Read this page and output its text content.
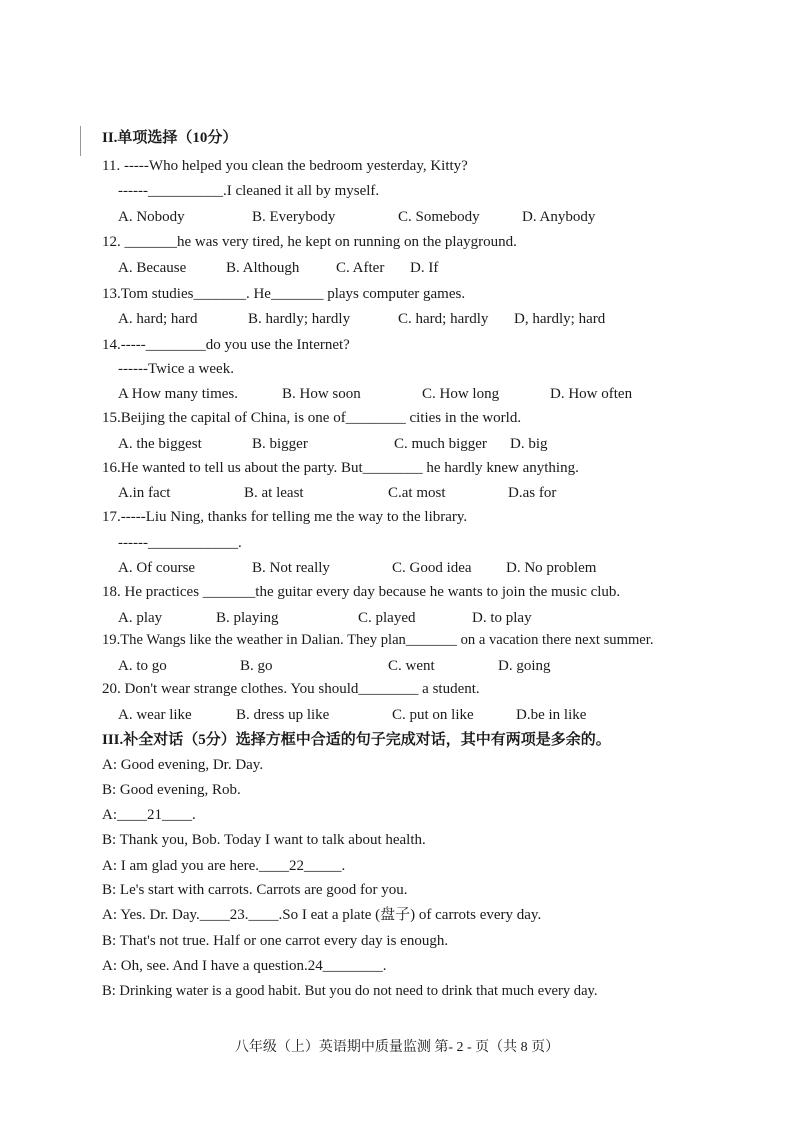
II.单项选择（10分）
11. -----Who helped you clean the bedroom yesterday, Kitty?
------__________.I cleaned it all by myself.
A. Nobody	B. Everybody	C. Somebody	D. Anybody
12. _______he was very tired, he kept on running on the playground.
A. Because	B. Although C. After D. If
13.Tom studies_______. He_______ plays computer games.
A. hard; hard	B. hardly; hardly	C. hard; hardly D, hardly; hard
14.-----________do you use the Internet?
------Twice a week.
A How many times.	B. How soon	C. How long	D. How often
15.Beijing the capital of China, is one of________ cities in the world.
A. the biggest	B. bigger	C. much bigger D. big
16.He wanted to tell us about the party. But________ he hardly knew anything.
A.in fact	B. at least	C.at most	D.as for
17.-----Liu Ning, thanks for telling me the way to the library.
------____________.
A. Of course	B. Not really	C. Good idea D. No problem
18. He practices _______the guitar every day because he wants to join the music club.
A. play	B. playing	C. played	D. to play
19.The Wangs like the weather in Dalian. They plan_______ on a vacation there next summer.
A. to go	B. go	C. went	D. going
20. Don't wear strange clothes. You should________ a student.
A. wear like	B. dress up like	C. put on like	D.be in like
III.补全对话（5分）选择方框中合适的句子完成对话，其中有两项是多余的。
A: Good evening, Dr. Day.
B: Good evening, Rob.
A:____21____.
B: Thank you, Bob. Today I want to talk about health.
A: I am glad you are here.____22_____.
B: Le's start with carrots. Carrots are good for you.
A: Yes. Dr. Day.____23.____.So I eat a plate (盘子) of carrots every day.
B: That's not true. Half or one carrot every day is enough.
A: Oh, see. And I have a question.24________.
B: Drinking water is a good habit. But you do not need to drink that much every day.
八年级（上）英语期中质量监测 第- 2 - 页（共 8 页）
